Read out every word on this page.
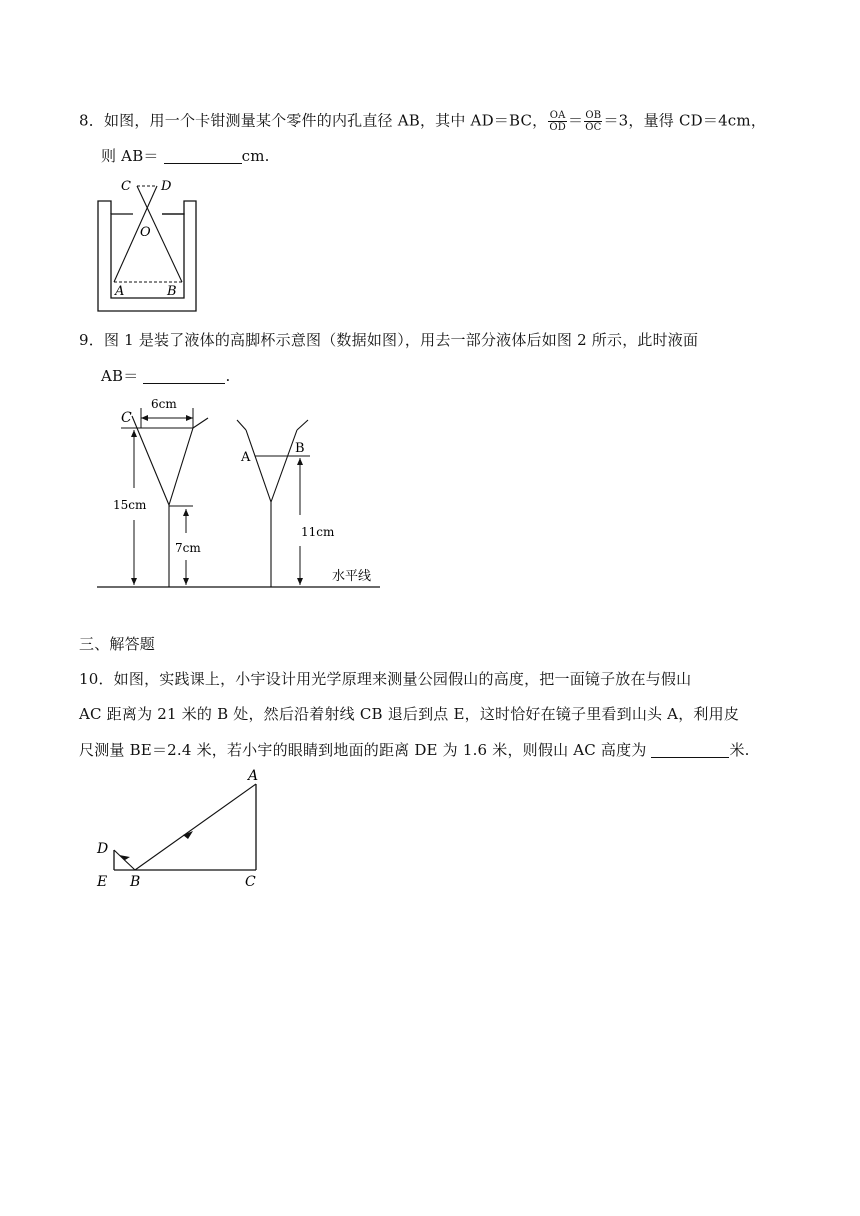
8．如图，用一个卡钳测量某个零件的内孔直径 AB，其中 AD＝BC， $\frac{OA}{OD} = \frac{OB}{OC} =3$，量得 CD＝4cm，
则 AB＝	cm.
C D
O
A	B
9．图 1 是装了液体的高脚杯示意图（数据如图），用去一部分液体后如图 2 所示，此时液面
AB＝	.
C
6cm
15cm
7cm
A
B
11cm
水平线
三、解答题
10．如图，实践课上，小宇设计用光学原理来测量公园假山的高度，把一面镜子放在与假山
AC 距离为 21 米的 B 处，然后沿着射线 CB 退后到点 E，这时恰好在镜子里看到山头 A，利用皮
尺测量 BE＝2.4 米，若小宇的眼睛到地面的距离 DE 为 1.6 米，则假山 AC 高度为	米.
A
D
E B	C
